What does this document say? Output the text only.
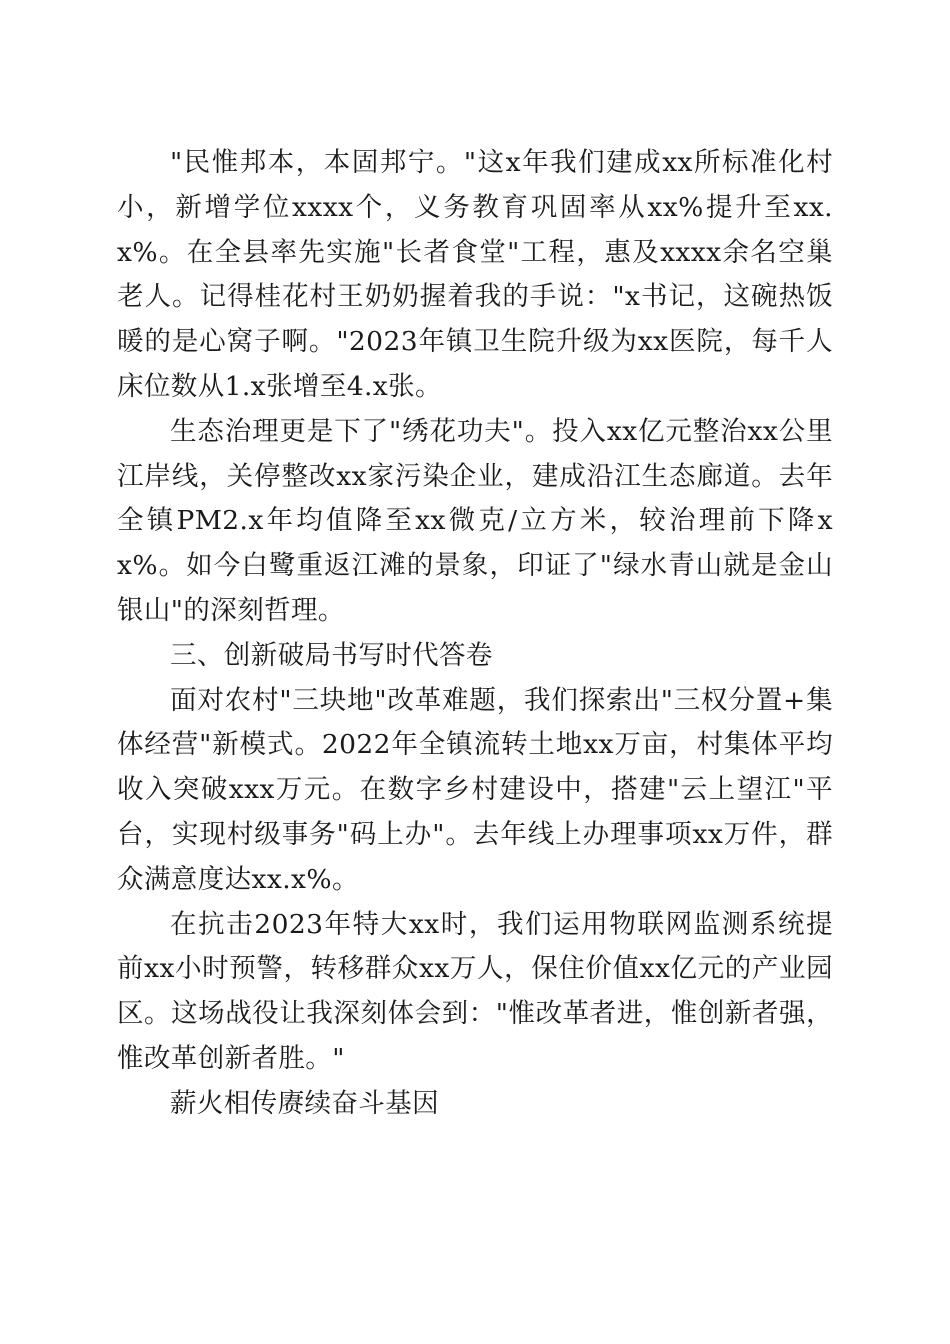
"民惟邦本，本固邦宁。"这x年我们建成xx所标准化村小，新增学位xxxx个，义务教育巩固率从xx%提升至xx.x%。在全县率先实施"长者食堂"工程，惠及xxxx余名空巢老人。记得桂花村王奶奶握着我的手说："x书记，这碗热饭暖的是心窝子啊。"2023年镇卫生院升级为xx医院，每千人床位数从1.x张增至4.x张。

生态治理更是下了"绣花功夫"。投入xx亿元整治xx公里江岸线，关停整改xx家污染企业，建成沿江生态廊道。去年全镇PM2.x年均值降至xx微克/立方米，较治理前下降xx%。如今白鹭重返江滩的景象，印证了"绿水青山就是金山银山"的深刻哲理。

三、创新破局书写时代答卷

面对农村"三块地"改革难题，我们探索出"三权分置+集体经营"新模式。2022年全镇流转土地xx万亩，村集体平均收入突破xxx万元。在数字乡村建设中，搭建"云上望江"平台，实现村级事务"码上办"。去年线上办理事项xx万件，群众满意度达xx.x%。

在抗击2023年特大xx时，我们运用物联网监测系统提前xx小时预警，转移群众xx万人，保住价值xx亿元的产业园区。这场战役让我深刻体会到："惟改革者进，惟创新者强，惟改革创新者胜。"

薪火相传赓续奋斗基因
